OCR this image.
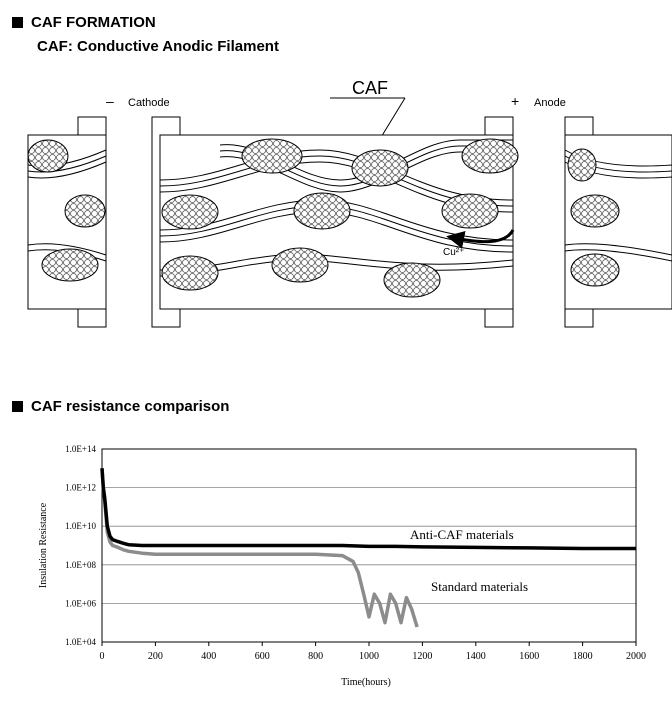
CAF FORMATION
CAF: Conductive Anodic Filament
– Cathode	+ Anode
CAF
Cu²⁺
CAF resistance comparison
1.0E+04
1.0E+06
1.0E+08
1.0E+10
1.0E+12
1.0E+14
0	200	400	600	800	1000	1200	1400	1600	1800	2000
Insulation Resistance
Time(hours)
Anti-CAF materials
Standard materials
